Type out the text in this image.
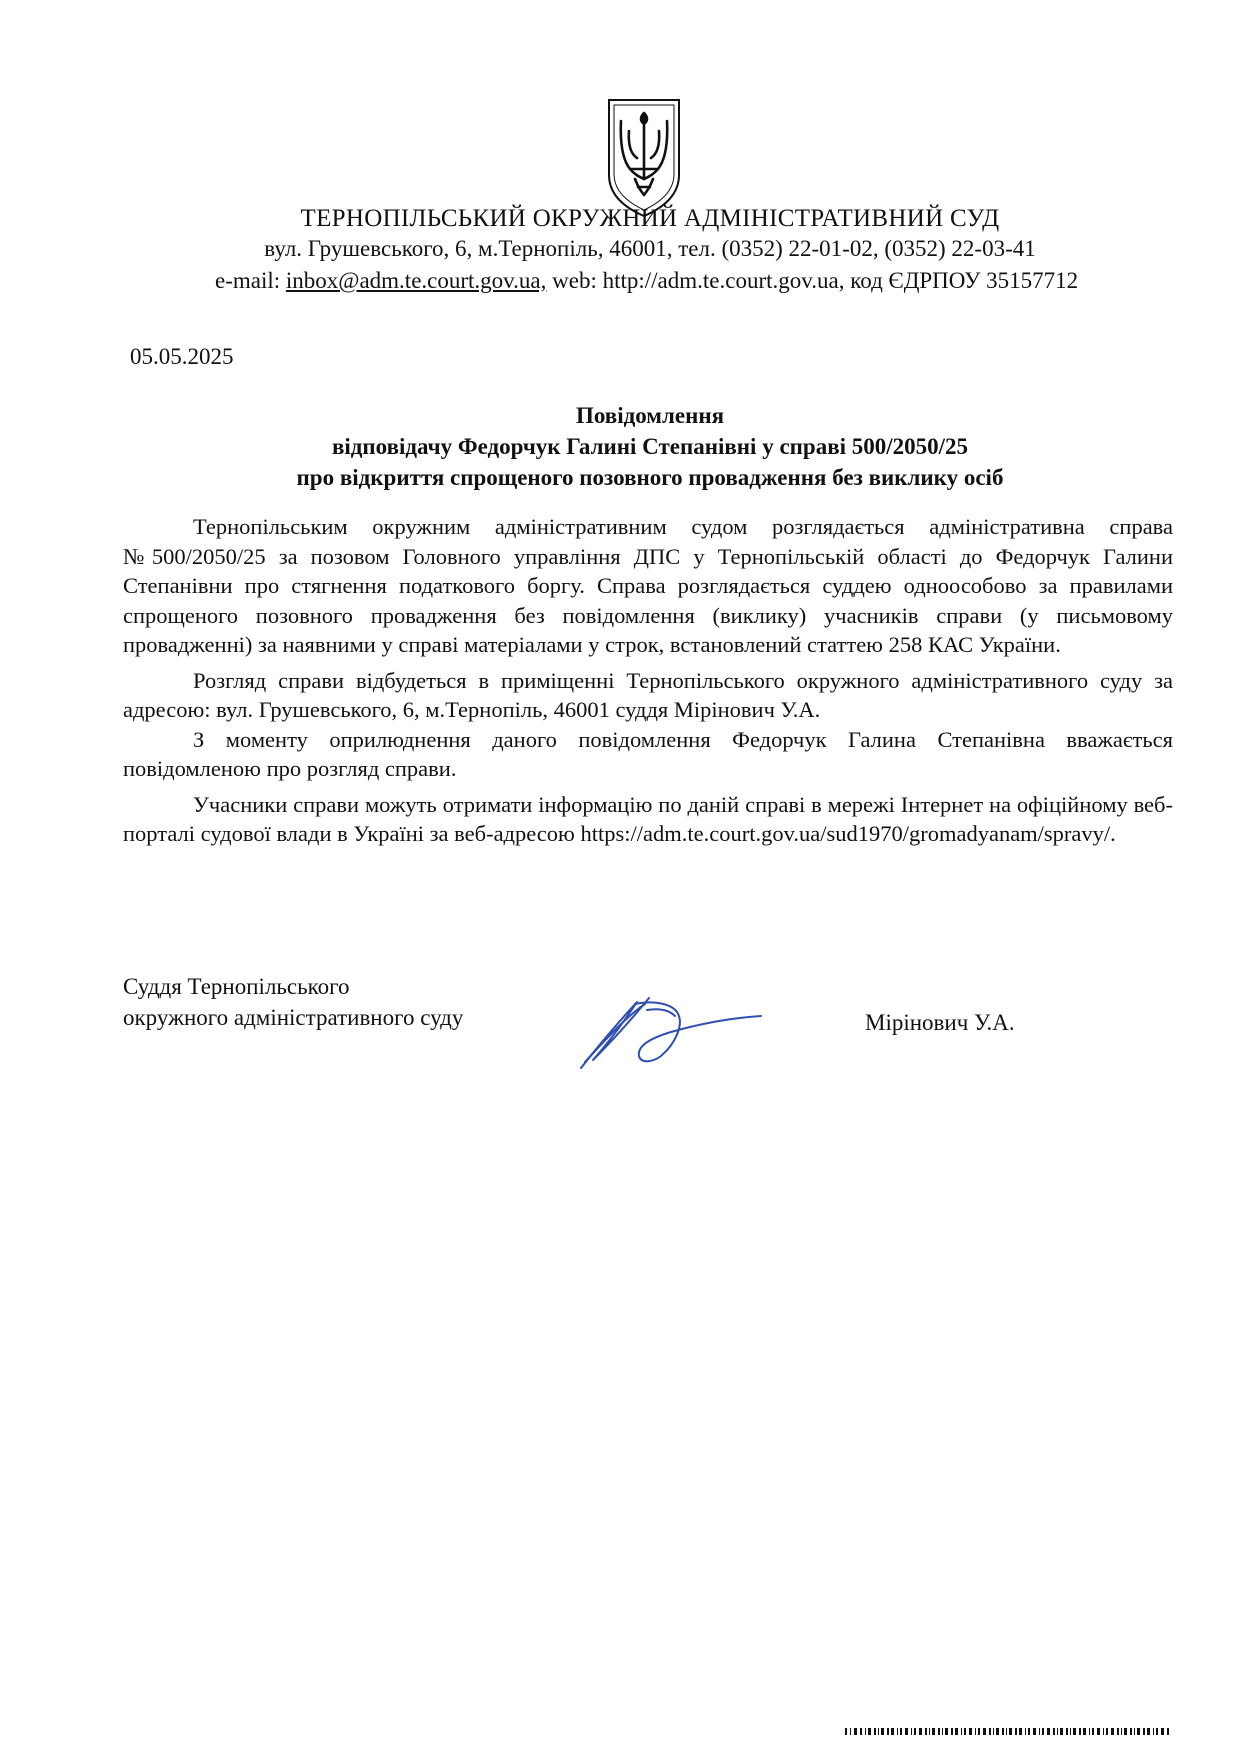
ТЕРНОПІЛЬСЬКИЙ ОКРУЖНИЙ АДМІНІСТРАТИВНИЙ СУД
вул. Грушевського, 6, м.Тернопіль, 46001, тел. (0352) 22-01-02, (0352) 22-03-41
e-mail: inbox@adm.te.court.gov.ua, web: http://adm.te.court.gov.ua, код ЄДРПОУ 35157712
05.05.2025
Повідомлення
відповідачу Федорчук Галині Степанівні у справі 500/2050/25
про відкриття спрощеного позовного провадження без виклику осіб

Тернопільським окружним адміністративним судом розглядається адміністративна справа №500/2050/25 за позовом Головного управління ДПС у Тернопільській області до Федорчук Галини Степанівни про стягнення податкового боргу. Справа розглядається суддею одноособово за правилами спрощеного позовного провадження без повідомлення (виклику) учасників справи (у письмовому провадженні) за наявними у справі матеріалами у строк, встановлений статтею 258 КАС України.

Розгляд справи відбудеться в приміщенні Тернопільського окружного адміністративного суду за адресою: вул. Грушевського, 6, м.Тернопіль, 46001 суддя Мірінович У.А.

З моменту оприлюднення даного повідомлення Федорчук Галина Степанівна вважається повідомленою про розгляд справи.

Учасники справи можуть отримати інформацію по даній справі в мережі Інтернет на офіційному веб-порталі судової влади в Україні за веб-адресою https://adm.te.court.gov.ua/sud1970/gromadyanam/spravy/.

Суддя Тернопільського
окружного адміністративного суду	Мірінович У.А.
